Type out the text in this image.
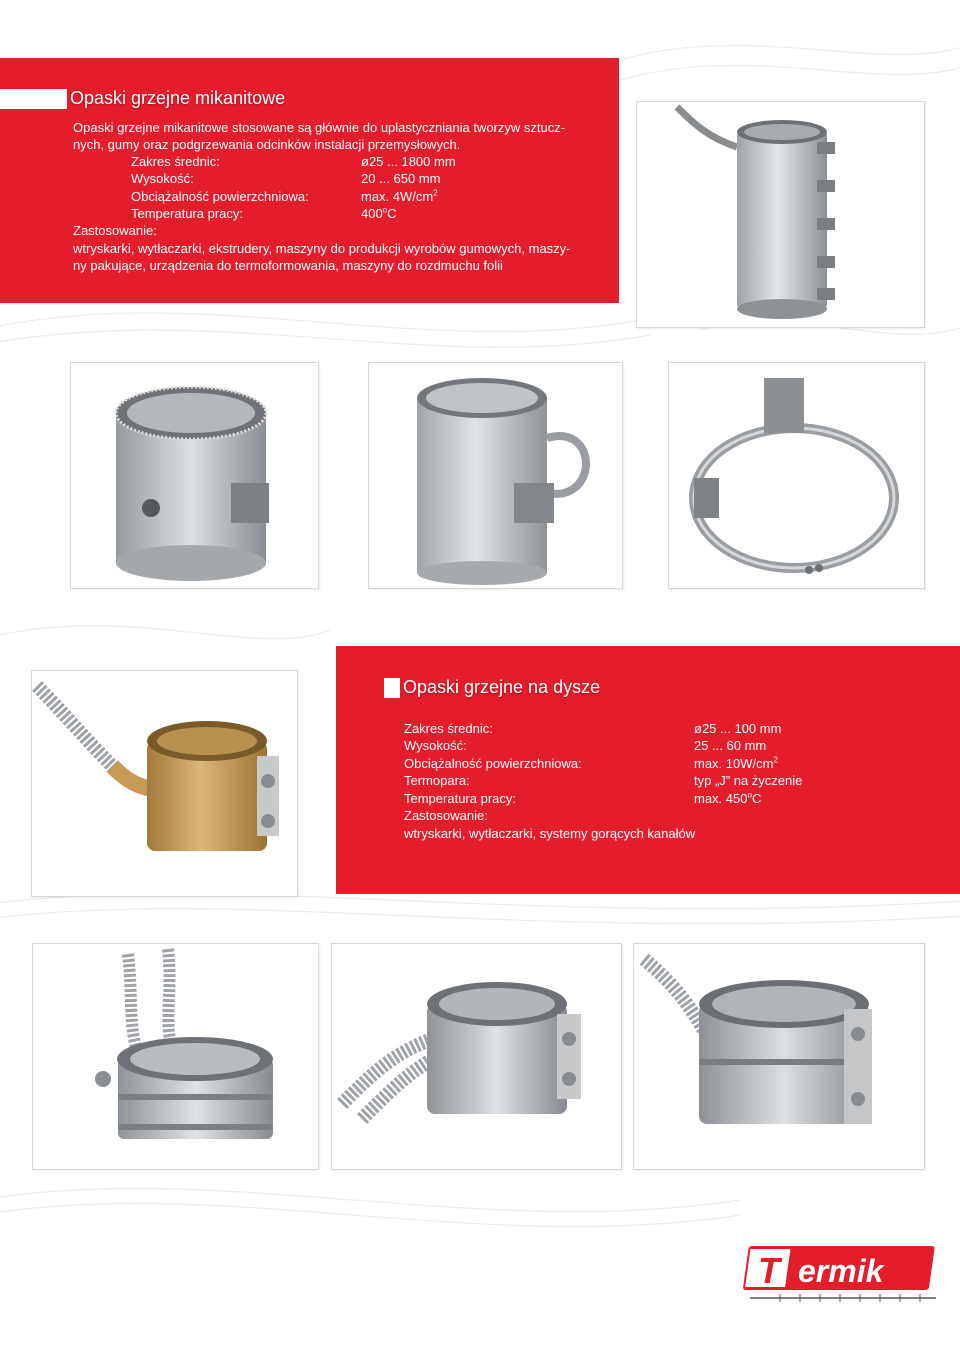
Opaski grzejne mikanitowe
Opaski grzejne mikanitowe stosowane są głównie do uplastyczniania tworzyw sztucz-
nych, gumy oraz podgrzewania odcinków instalacji przemysłowych.
Zakres średnic:	ø25 ... 1800 mm
Wysokość:	20 ... 650 mm
Obciążalność powierzchniowa:	max. $4W/cm^2$
Temperatura pracy:	400$^o$C
Zastosowanie:
wtryskarki, wytłaczarki, ekstrudery, maszyny do produkcji wyrobów gumowych, maszy-
ny pakujące, urządzenia do termoformowania, maszyny do rozdmuchu folii
Opaski grzejne na dysze
Zakres średnic:	ø25 ... 100 mm
Wysokość:	25 ... 60 mm
Obciążalność powierzchniowa:	max. $10W/cm^2$
Termopara:	typ „J” na życzenie
Temperatura pracy:	max. 450$^o$C
Zastosowanie:
wtryskarki, wytłaczarki, systemy gorących kanałów
T ermik
